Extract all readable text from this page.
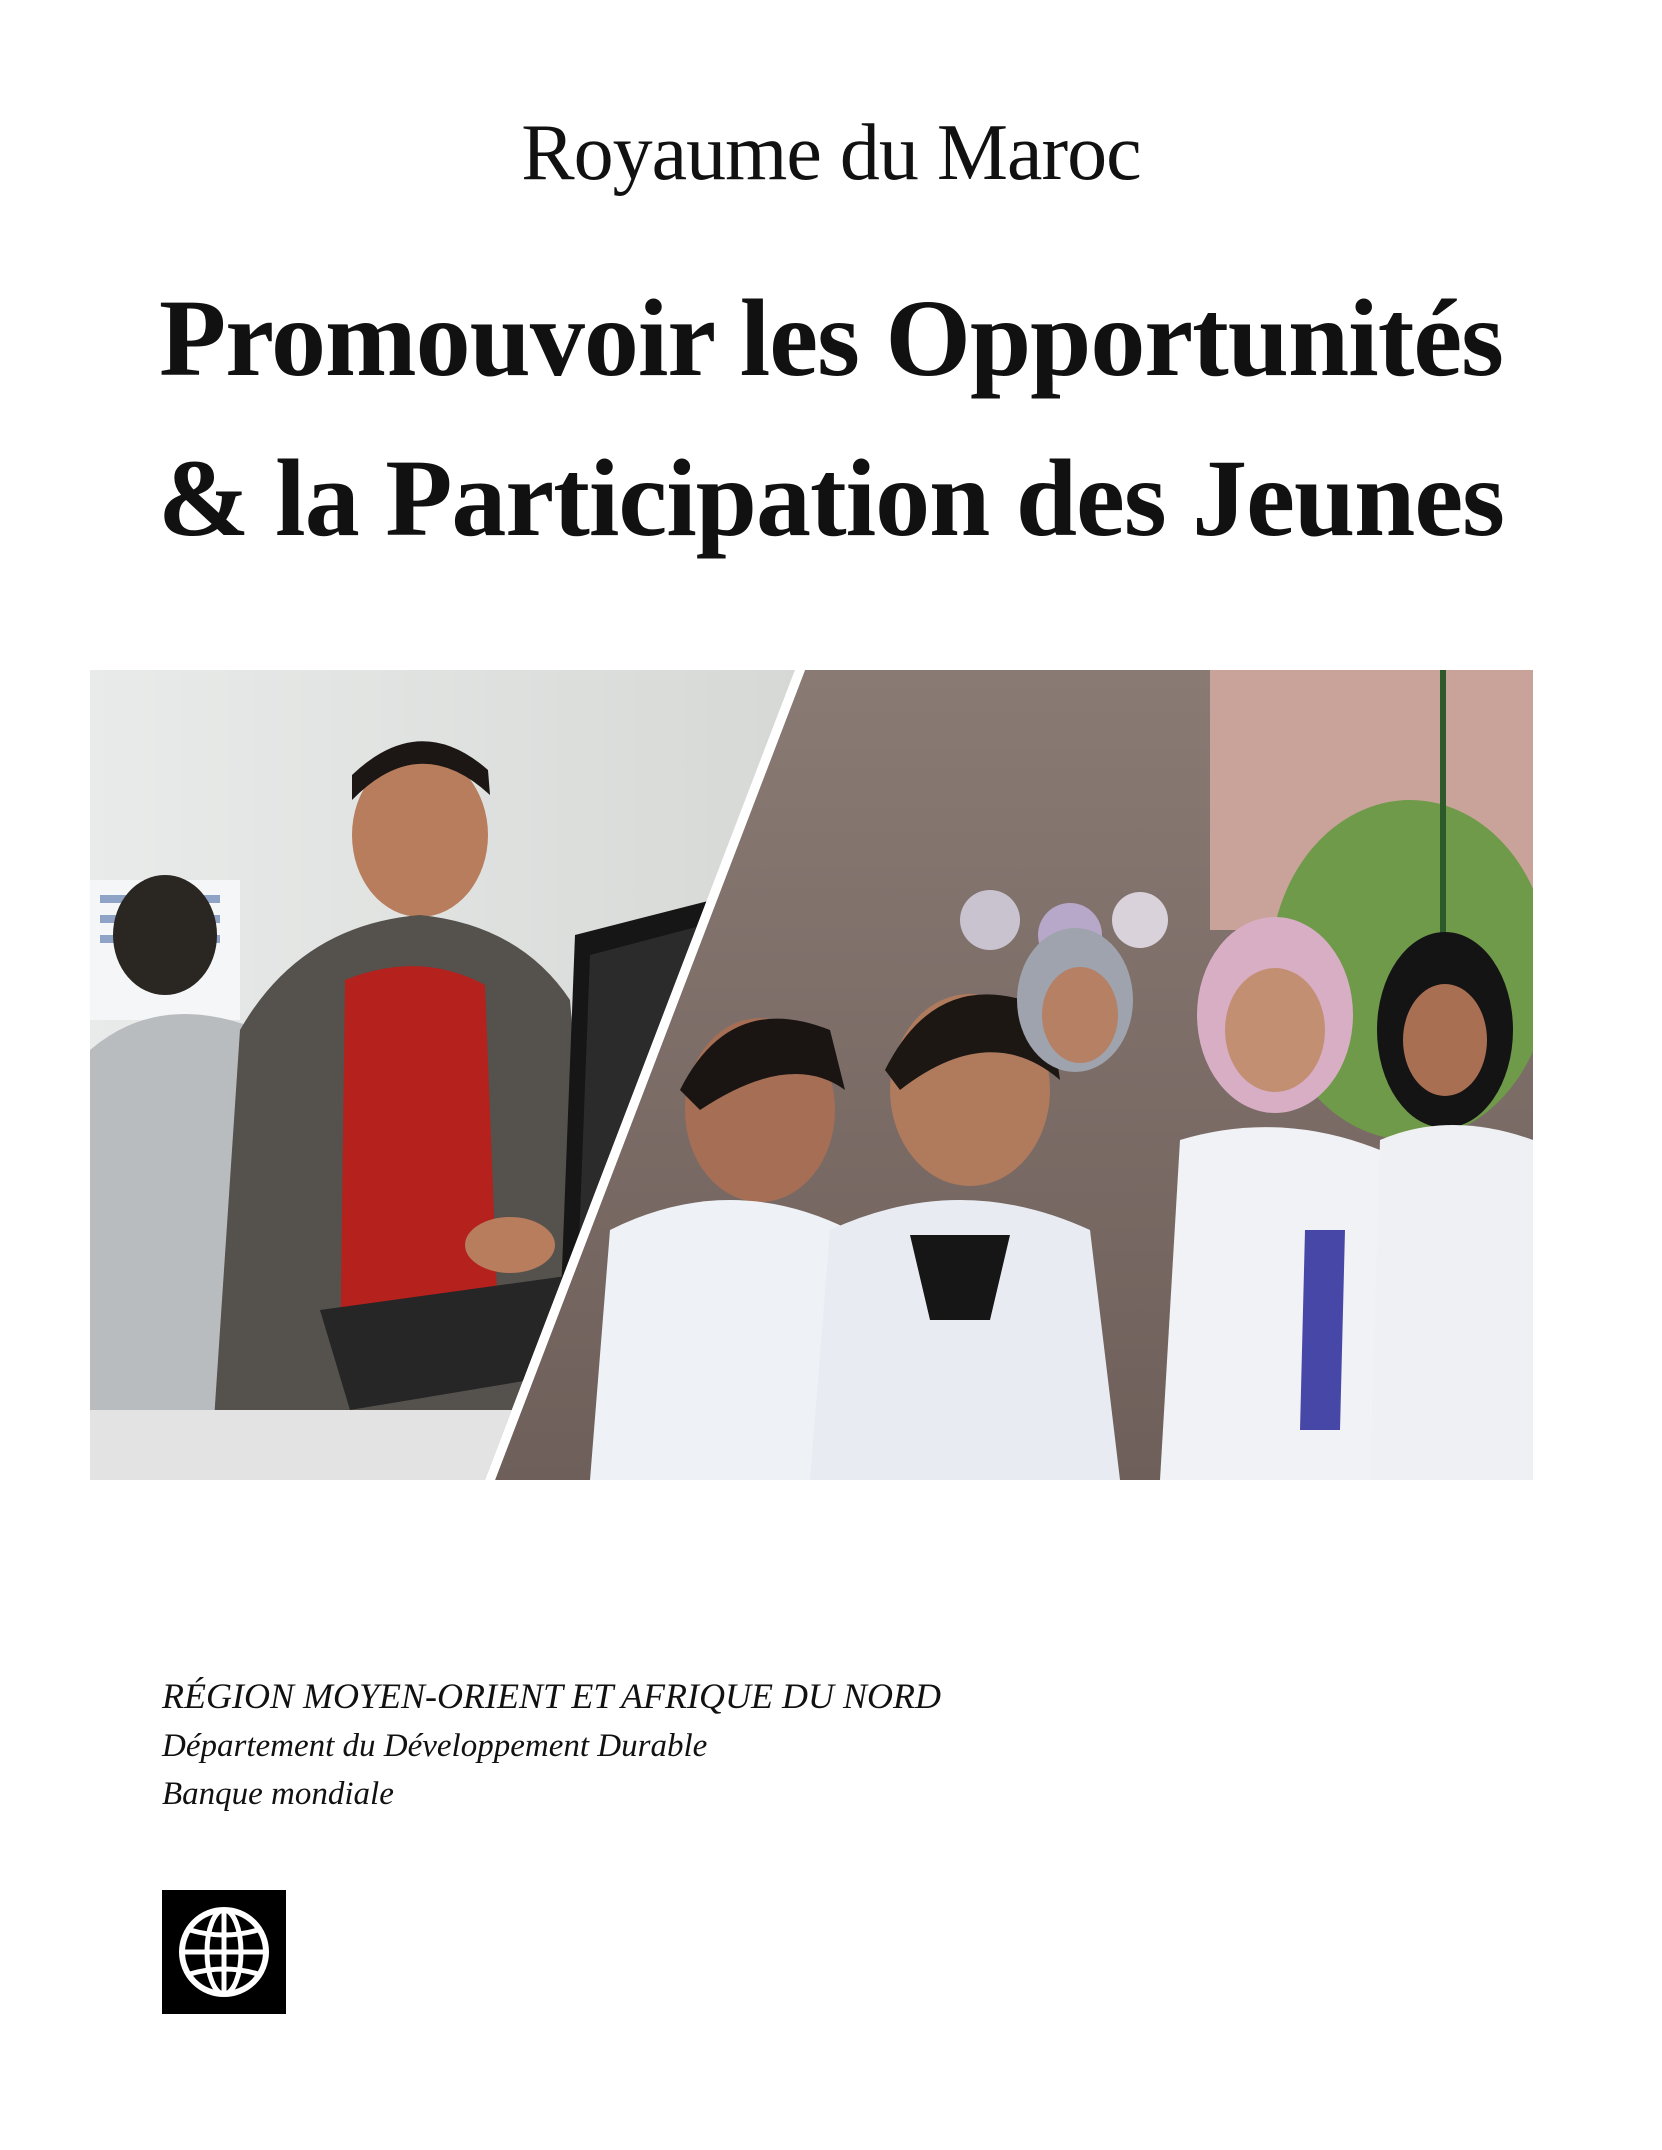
Royaume du Maroc
Promouvoir les Opportunités
& la Participation des Jeunes
RÉGION MOYEN-ORIENT ET AFRIQUE DU NORD
Département du Développement Durable
Banque mondiale
